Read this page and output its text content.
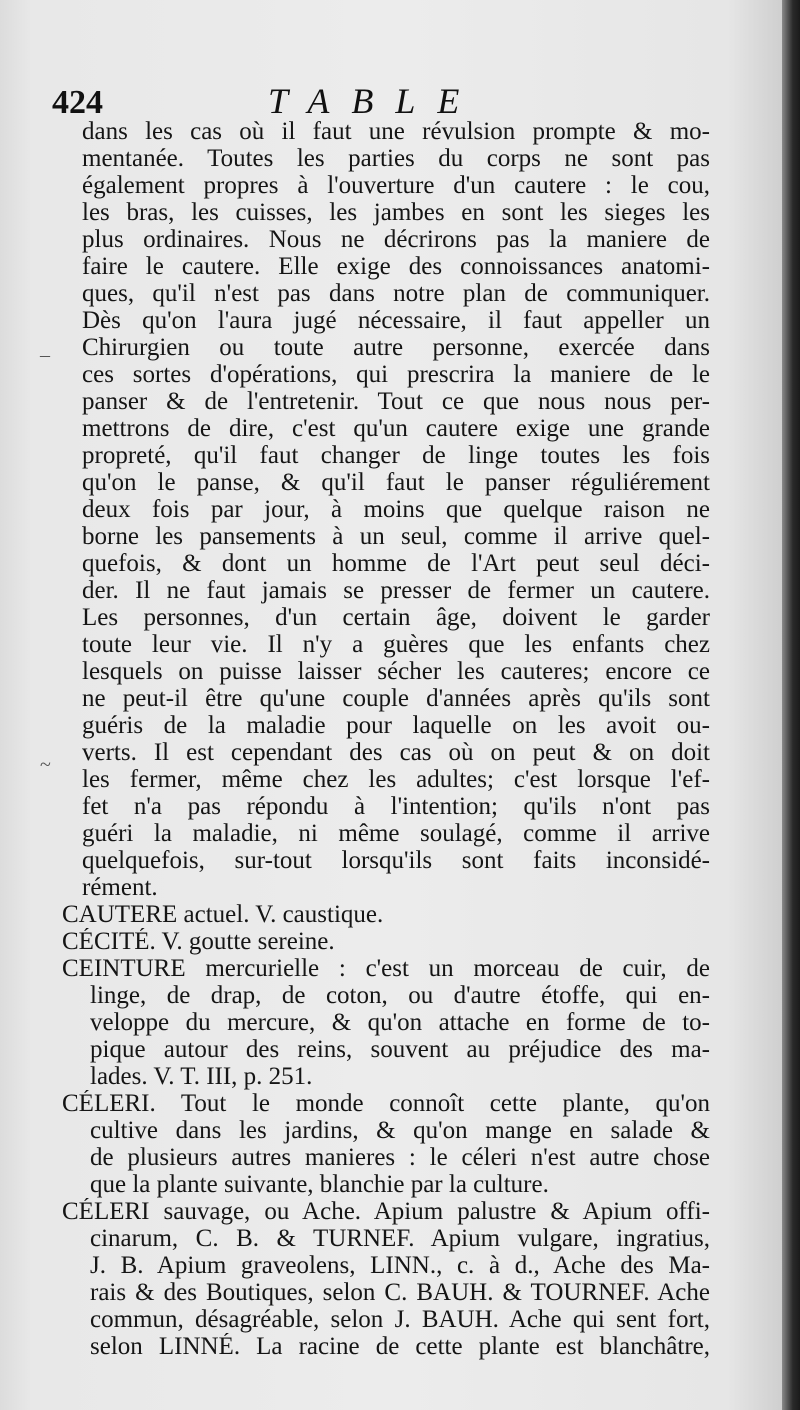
424	TABLE
–
~
dans les cas où il faut une révulsion prompte & mo-
mentanée. Toutes les parties du corps ne sont pas
également propres à l'ouverture d'un cautere : le cou,
les bras, les cuisses, les jambes en sont les sieges les
plus ordinaires. Nous ne décrirons pas la maniere de
faire le cautere. Elle exige des connoissances anatomi-
ques, qu'il n'est pas dans notre plan de communiquer.
Dès qu'on l'aura jugé nécessaire, il faut appeller un
Chirurgien ou toute autre personne, exercée dans
ces sortes d'opérations, qui prescrira la maniere de le
panser & de l'entretenir. Tout ce que nous nous per-
mettrons de dire, c'est qu'un cautere exige une grande
propreté, qu'il faut changer de linge toutes les fois
qu'on le panse, & qu'il faut le panser réguliérement
deux fois par jour, à moins que quelque raison ne
borne les pansements à un seul, comme il arrive quel-
quefois, & dont un homme de l'Art peut seul déci-
der. Il ne faut jamais se presser de fermer un cautere.
Les personnes, d'un certain âge, doivent le garder
toute leur vie. Il n'y a guères que les enfants chez
lesquels on puisse laisser sécher les cauteres; encore ce
ne peut-il être qu'une couple d'années après qu'ils sont
guéris de la maladie pour laquelle on les avoit ou-
verts. Il est cependant des cas où on peut & on doit
les fermer, même chez les adultes; c'est lorsque l'ef-
fet n'a pas répondu à l'intention; qu'ils n'ont pas
guéri la maladie, ni même soulagé, comme il arrive
quelquefois, sur-tout lorsqu'ils sont faits inconsidé-
rément.
CAUTERE actuel. V. caustique.
CÉCITÉ. V. goutte sereine.
CEINTURE mercurielle : c'est un morceau de cuir, de
linge, de drap, de coton, ou d'autre étoffe, qui en-
veloppe du mercure, & qu'on attache en forme de to-
pique autour des reins, souvent au préjudice des ma-
lades. V. T. III, p. 251.
CÉLERI. Tout le monde connoît cette plante, qu'on
cultive dans les jardins, & qu'on mange en salade &
de plusieurs autres manieres : le céleri n'est autre chose
que la plante suivante, blanchie par la culture.
CÉLERI sauvage, ou Ache. Apium palustre & Apium offi-
cinarum, C. B. & TURNEF. Apium vulgare, ingratius,
J. B. Apium graveolens, LINN., c. à d., Ache des Ma-
rais & des Boutiques, selon C. BAUH. & TOURNEF. Ache
commun, désagréable, selon J. BAUH. Ache qui sent fort,
selon LINNÉ. La racine de cette plante est blanchâtre,
